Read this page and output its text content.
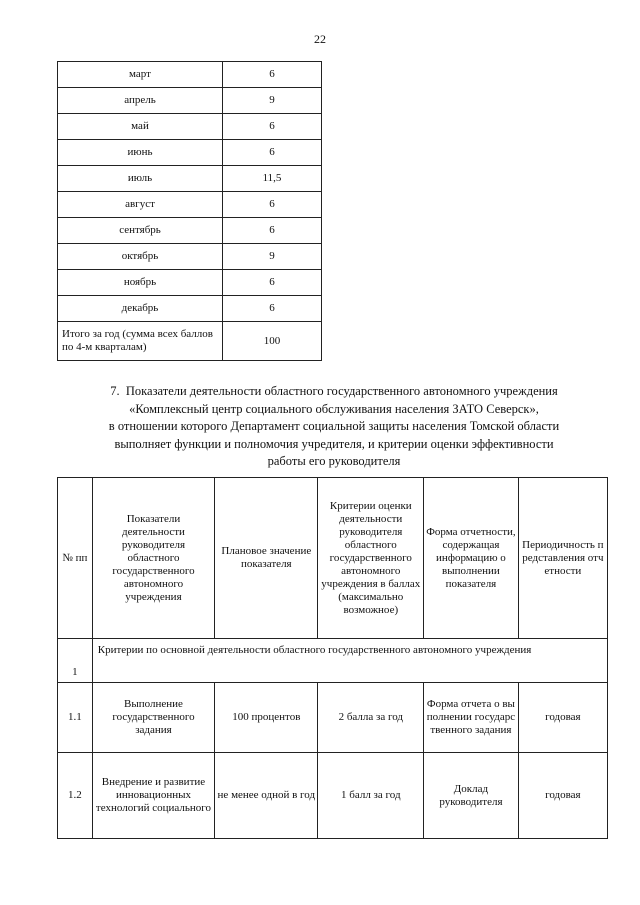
22
март	6
апрель	9
май	6
июнь	6
июль	11,5
август	6
сентябрь	6
октябрь	9
ноябрь	6
декабрь	6
Итого за год (сумма всех баллов по 4-м кварталам)	100
7. Показатели деятельности областного государственного автономного учреждения
«Комплексный центр социального обслуживания населения ЗАТО Северск»,
в отношении которого Департамент социальной защиты населения Томской области
выполняет функции и полномочия учредителя, и критерии оценки эффективности
работы его руководителя
№ пп	Показатели деятельности руководителя областного государственного автономного учреждения	Плановое значение показателя	Критерии оценки деятельности руководителя областного государственного автономного учреждения в баллах (максимально возможное)	Форма отчетности, содержащая информацию о выполнении показателя	Периодичность представления отчетности
1	Критерии по основной деятельности областного государственного автономного учреждения				
1.1	Выполнение государственного задания	100 процентов	2 балла за год	Форма отчета о выполнении государственного задания	годовая
1.2	Внедрение и развитие инновационных технологий социального	не менее одной в год	1 балл за год	Доклад руководителя	годовая
